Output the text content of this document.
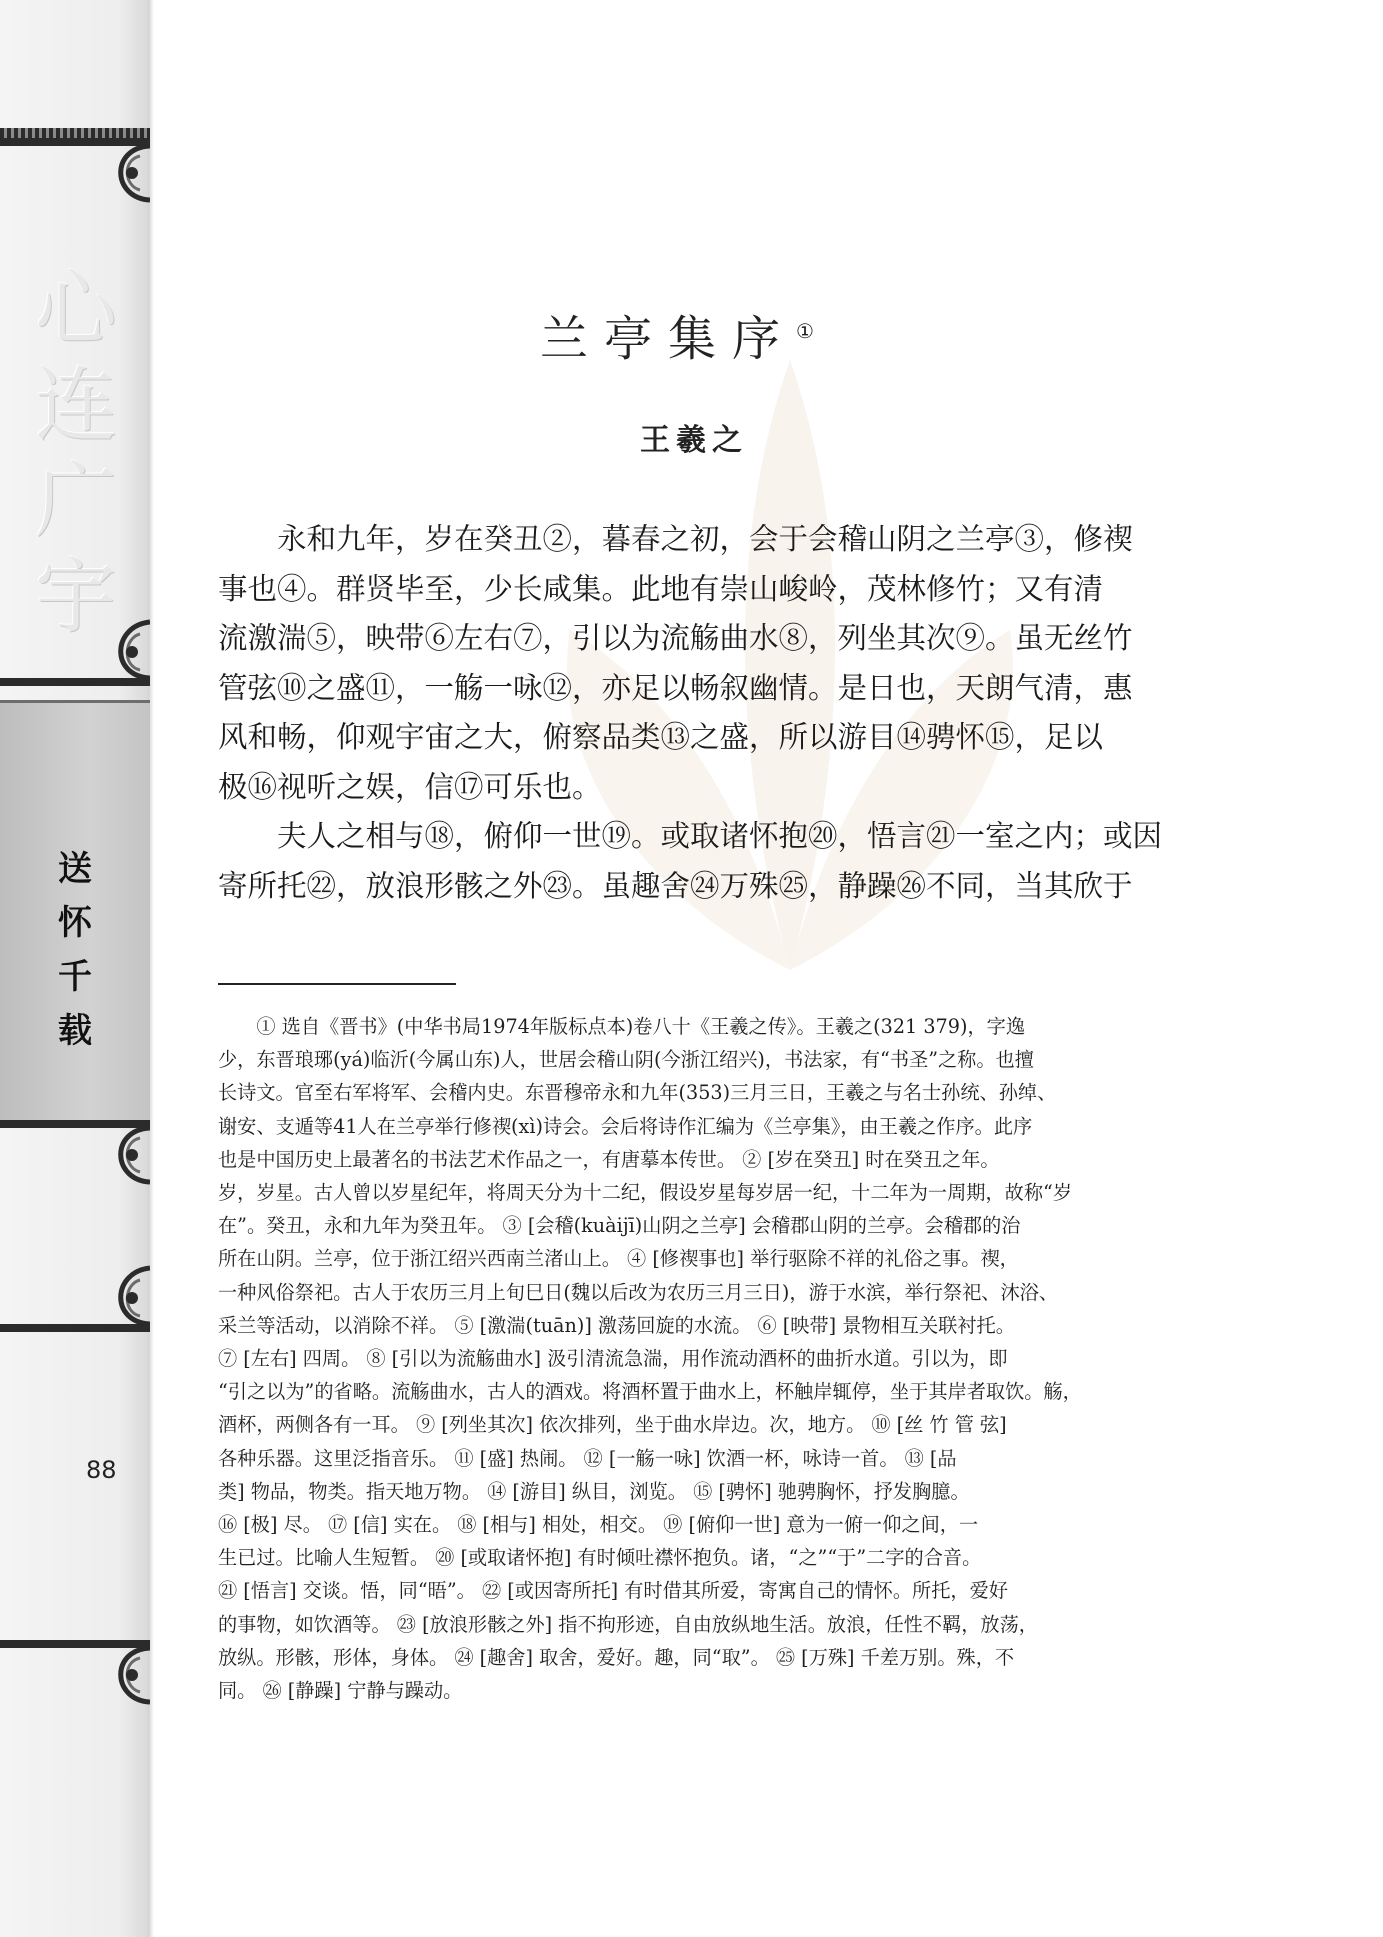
心
连
广
宇
送
怀
千
载
88
兰亭集序①
王羲之
永和九年，岁在癸丑②，暮春之初，会于会稽山阴之兰亭③，修禊
事也④。群贤毕至，少长咸集。此地有崇山峻岭，茂林修竹；又有清
流激湍⑤，映带⑥左右⑦，引以为流觞曲水⑧，列坐其次⑨。虽无丝竹
管弦⑩之盛⑪，一觞一咏⑫，亦足以畅叙幽情。是日也，天朗气清，惠
风和畅，仰观宇宙之大，俯察品类⑬之盛，所以游目⑭骋怀⑮，足以
极⑯视听之娱，信⑰可乐也。
夫人之相与⑱，俯仰一世⑲。或取诸怀抱⑳，悟言㉑一室之内；或因
寄所托㉒，放浪形骸之外㉓。虽趣舍㉔万殊㉕，静躁㉖不同，当其欣于
① 选自《晋书》(中华书局1974年版标点本)卷八十《王羲之传》。王羲之(321 379)，字逸
少，东晋琅琊(yá)临沂(今属山东)人，世居会稽山阴(今浙江绍兴)，书法家，有“书圣”之称。也擅
长诗文。官至右军将军、会稽内史。东晋穆帝永和九年(353)三月三日，王羲之与名士孙统、孙绰、
谢安、支遁等41人在兰亭举行修禊(xì)诗会。会后将诗作汇编为《兰亭集》，由王羲之作序。此序
也是中国历史上最著名的书法艺术作品之一，有唐摹本传世。 ② [岁在癸丑] 时在癸丑之年。
岁，岁星。古人曾以岁星纪年，将周天分为十二纪，假设岁星每岁居一纪，十二年为一周期，故称“岁
在”。癸丑，永和九年为癸丑年。 ③ [会稽(kuàijī)山阴之兰亭] 会稽郡山阴的兰亭。会稽郡的治
所在山阴。兰亭，位于浙江绍兴西南兰渚山上。 ④ [修禊事也] 举行驱除不祥的礼俗之事。禊，
一种风俗祭祀。古人于农历三月上旬巳日(魏以后改为农历三月三日)，游于水滨，举行祭祀、沐浴、
采兰等活动，以消除不祥。 ⑤ [激湍(tuān)] 激荡回旋的水流。 ⑥ [映带] 景物相互关联衬托。
⑦ [左右] 四周。 ⑧ [引以为流觞曲水] 汲引清流急湍，用作流动酒杯的曲折水道。引以为，即
“引之以为”的省略。流觞曲水，古人的酒戏。将酒杯置于曲水上，杯触岸辄停，坐于其岸者取饮。觞，
酒杯，两侧各有一耳。 ⑨ [列坐其次] 依次排列，坐于曲水岸边。次，地方。 ⑩ [丝 竹 管 弦]
各种乐器。这里泛指音乐。 ⑪ [盛] 热闹。 ⑫ [一觞一咏] 饮酒一杯，咏诗一首。 ⑬ [品
类] 物品，物类。指天地万物。 ⑭ [游目] 纵目，浏览。 ⑮ [骋怀] 驰骋胸怀，抒发胸臆。
⑯ [极] 尽。 ⑰ [信] 实在。 ⑱ [相与] 相处，相交。 ⑲ [俯仰一世] 意为一俯一仰之间，一
生已过。比喻人生短暂。 ⑳ [或取诸怀抱] 有时倾吐襟怀抱负。诸，“之”“于”二字的合音。
㉑ [悟言] 交谈。悟，同“晤”。 ㉒ [或因寄所托] 有时借其所爱，寄寓自己的情怀。所托，爱好
的事物，如饮酒等。 ㉓ [放浪形骸之外] 指不拘形迹，自由放纵地生活。放浪，任性不羁，放荡，
放纵。形骸，形体，身体。 ㉔ [趣舍] 取舍，爱好。趣，同“取”。 ㉕ [万殊] 千差万别。殊，不
同。 ㉖ [静躁] 宁静与躁动。
